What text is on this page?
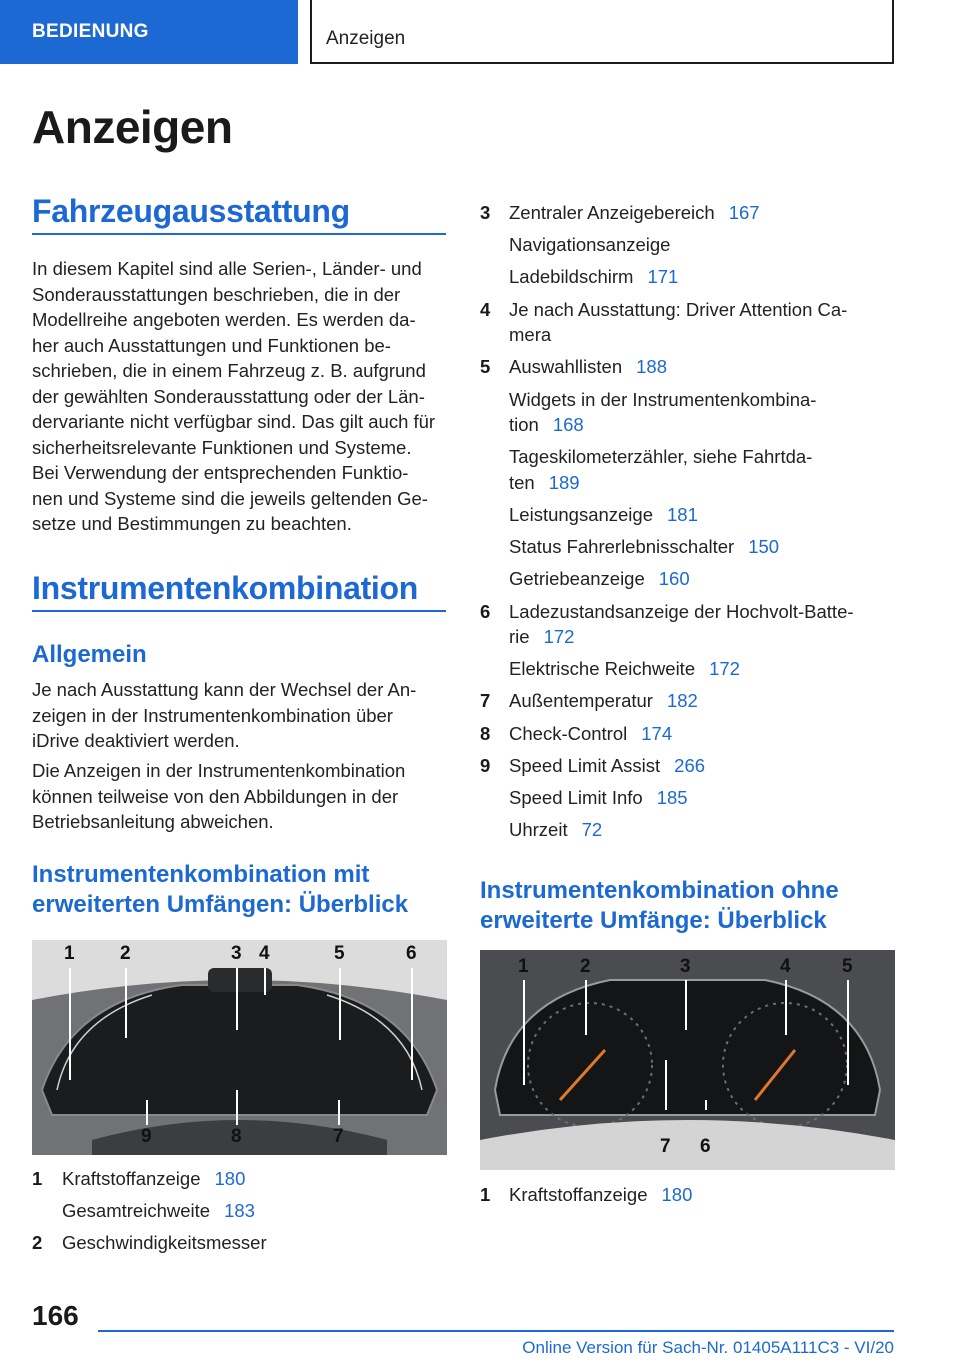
BEDIENUNG	Anzeigen
Anzeigen
Fahrzeugausstattung
In diesem Kapitel sind alle Serien-, Länder- und
Sonderausstattungen beschrieben, die in der
Modellreihe angeboten werden. Es werden da‐
her auch Ausstattungen und Funktionen be‐
schrieben, die in einem Fahrzeug z. B. aufgrund
der gewählten Sonderausstattung oder der Län‐
dervariante nicht verfügbar sind. Das gilt auch für
sicherheitsrelevante Funktionen und Systeme.
Bei Verwendung der entsprechenden Funktio‐
nen und Systeme sind die jeweils geltenden Ge‐
setze und Bestimmungen zu beachten.
Instrumentenkombination
Allgemein
Je nach Ausstattung kann der Wechsel der An‐
zeigen in der Instrumentenkombination über
iDrive deaktiviert werden.
Die Anzeigen in der Instrumentenkombination
können teilweise von den Abbildungen in der
Betriebsanleitung abweichen.
Instrumentenkombination mit
erweiterten Umfängen: Überblick
1 2	3 4	5	6
9	8	7
1 Kraftstoffanzeige 180
Gesamtreichweite 183
2 Geschwindigkeitsmesser
3 Zentraler Anzeigebereich 167
Navigationsanzeige
Ladebildschirm 171
4 Je nach Ausstattung: Driver Attention Ca‐
mera
5 Auswahllisten 188
Widgets in der Instrumentenkombina‐
tion 168
Tageskilometerzähler, siehe Fahrtda‐
ten 189
Leistungsanzeige 181
Status Fahrerlebnisschalter 150
Getriebeanzeige 160
6 Ladezustandsanzeige der Hochvolt-Batte‐
rie 172
Elektrische Reichweite 172
7 Außentemperatur 182
8 Check-Control 174
9 Speed Limit Assist 266
Speed Limit Info 185
Uhrzeit 72
Instrumentenkombination ohne
erweiterte Umfänge: Überblick
1	2	3	4	5
7 6
1 Kraftstoffanzeige 180
166
Online Version für Sach-Nr. 01405A111C3 - VI/20
